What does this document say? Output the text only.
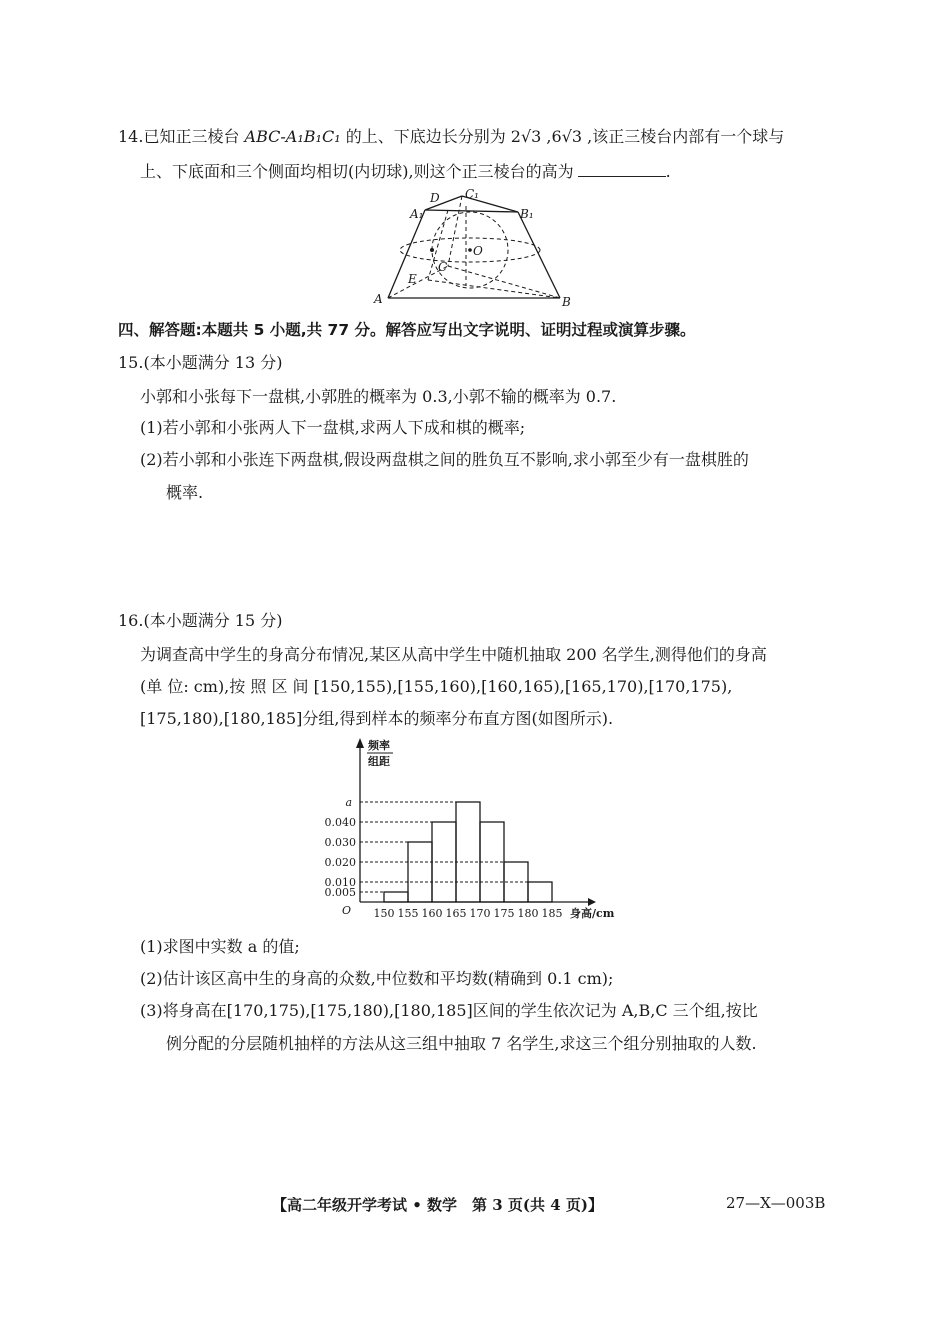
14.已知正三棱台 ABC-A₁B₁C₁ 的上、下底边长分别为 2√3 ,6√3 ,该正三棱台内部有一个球与
上、下底面和三个侧面均相切(内切球),则这个正三棱台的高为	.
D C₁
A₁	B₁
O
C
E
A	B
四、解答题:本题共 5 小题,共 77 分。解答应写出文字说明、证明过程或演算步骤。
15.(本小题满分 13 分)
小郭和小张每下一盘棋,小郭胜的概率为 0.3,小郭不输的概率为 0.7.
(1)若小郭和小张两人下一盘棋,求两人下成和棋的概率;
(2)若小郭和小张连下两盘棋,假设两盘棋之间的胜负互不影响,求小郭至少有一盘棋胜的
概率.
16.(本小题满分 15 分)
为调查高中学生的身高分布情况,某区从高中学生中随机抽取 200 名学生,测得他们的身高
(单 位: cm),按 照 区 间 [150,155),[155,160),[160,165),[165,170),[170,175),
[175,180),[180,185]分组,得到样本的频率分布直方图(如图所示).
频率
组距
O	身高/cm
a
0.040
0.030
0.020
0.010
0.005
150 155 160 165 170 175 180 185
(1)求图中实数 a 的值;
(2)估计该区高中生的身高的众数,中位数和平均数(精确到 0.1 cm);
(3)将身高在[170,175),[175,180),[180,185]区间的学生依次记为 A,B,C 三个组,按比
例分配的分层随机抽样的方法从这三组中抽取 7 名学生,求这三个组分别抽取的人数.
【高二年级开学考试 • 数学　第 3 页(共 4 页)】	27—X—003B
